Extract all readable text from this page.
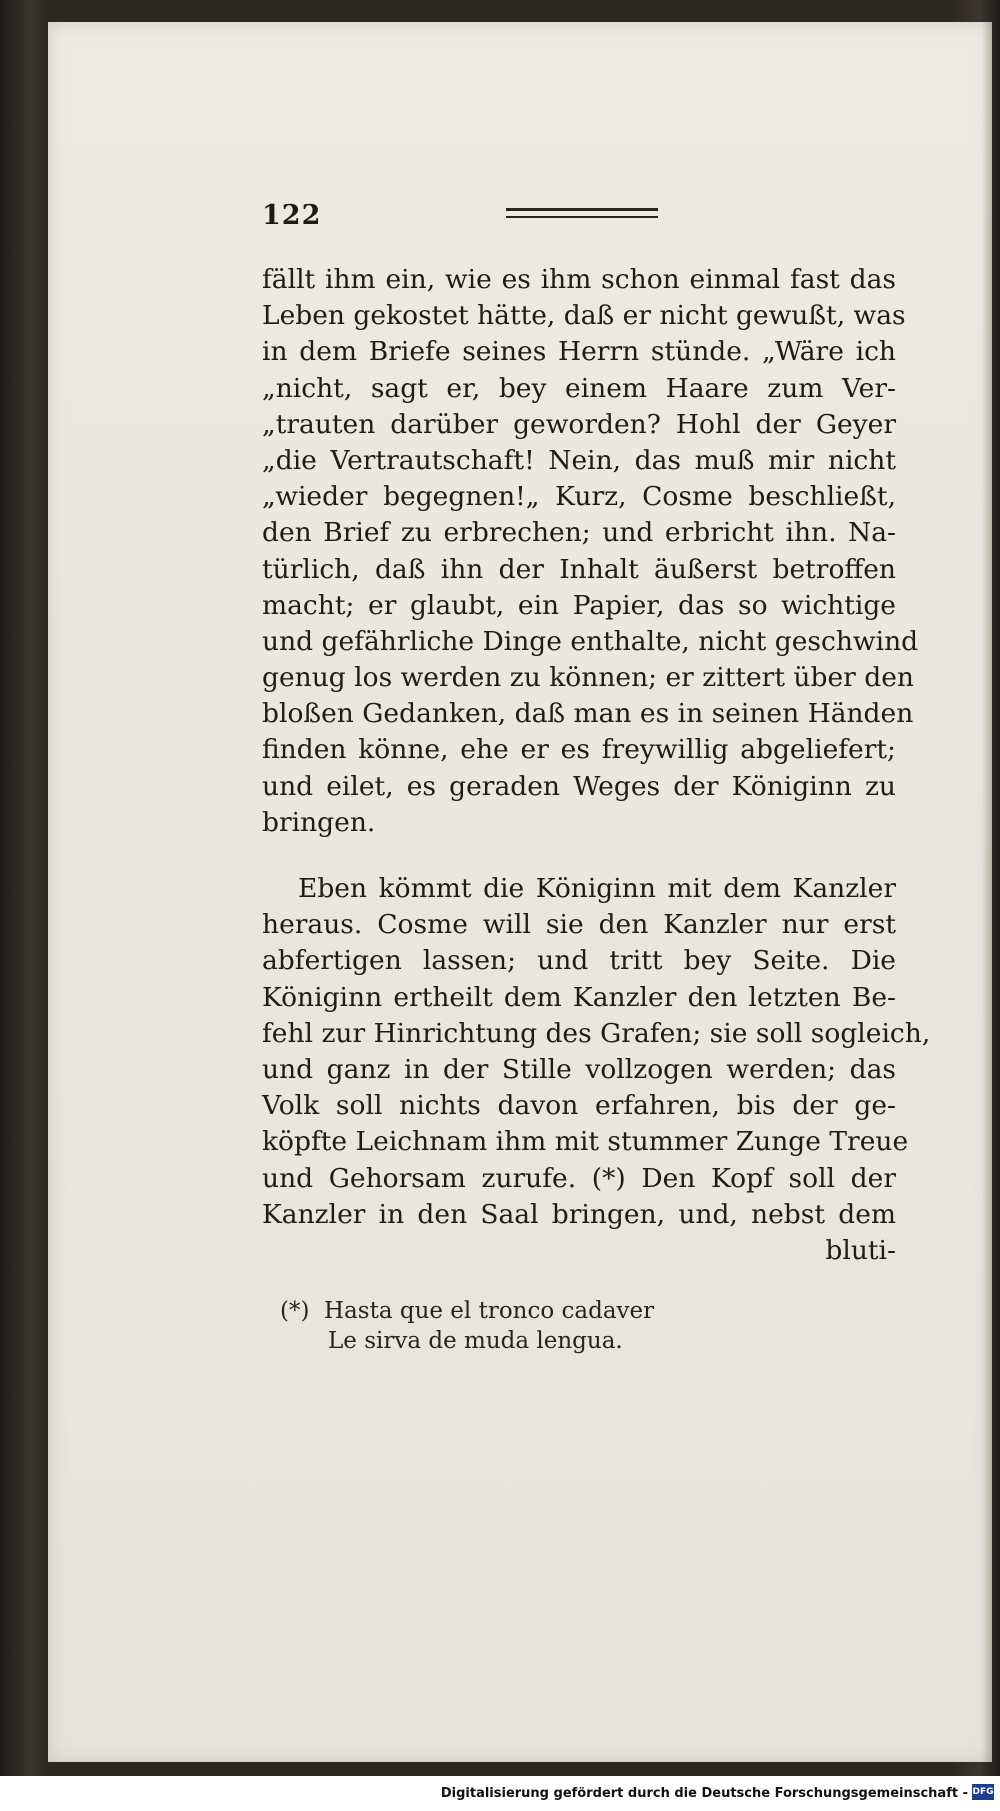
122
fällt ihm ein, wie es ihm schon einmal fast das
Leben gekostet hätte, daß er nicht gewußt, was
in dem Briefe seines Herrn stünde. „Wäre ich
„nicht, sagt er, bey einem Haare zum Ver-
„trauten darüber geworden? Hohl der Geyer
„die Vertrautschaft! Nein, das muß mir nicht
„wieder begegnen!„ Kurz, Cosme beschließt,
den Brief zu erbrechen; und erbricht ihn. Na-
türlich, daß ihn der Inhalt äußerst betroffen
macht; er glaubt, ein Papier, das so wichtige
und gefährliche Dinge enthalte, nicht geschwind
genug los werden zu können; er zittert über den
bloßen Gedanken, daß man es in seinen Händen
finden könne, ehe er es freywillig abgeliefert;
und eilet, es geraden Weges der Königinn zu
bringen.
Eben kömmt die Königinn mit dem Kanzler
heraus. Cosme will sie den Kanzler nur erst
abfertigen lassen; und tritt bey Seite. Die
Königinn ertheilt dem Kanzler den letzten Be-
fehl zur Hinrichtung des Grafen; sie soll sogleich,
und ganz in der Stille vollzogen werden; das
Volk soll nichts davon erfahren, bis der ge-
köpfte Leichnam ihm mit stummer Zunge Treue
und Gehorsam zurufe. (*) Den Kopf soll der
Kanzler in den Saal bringen, und, nebst dem
bluti-
(*) Hasta que el tronco cadaver
Le sirva de muda lengua.
Digitalisierung gefördert durch die Deutsche Forschungsgemeinschaft - DFG
